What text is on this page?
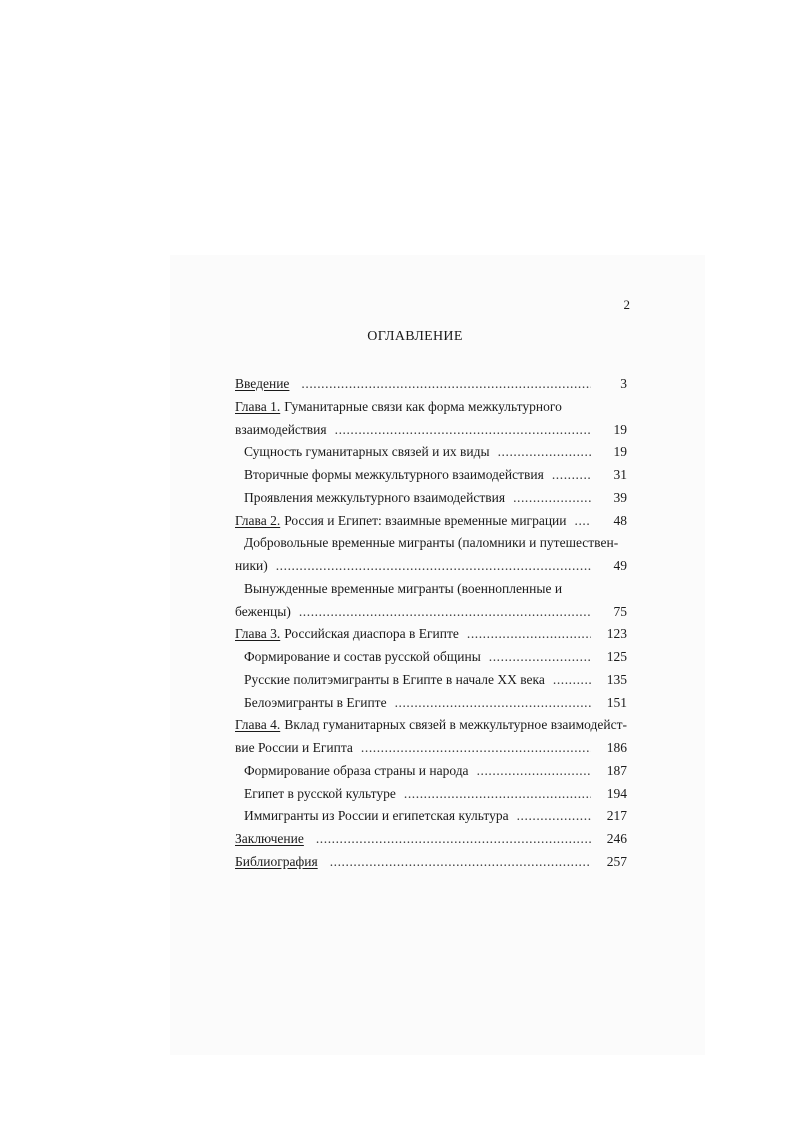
2
ОГЛАВЛЕНИЕ
Введение . . .	3
Глава 1. Гуманитарные связи как форма межкультурного
взаимодействия . . .	19
Сущность гуманитарных связей и их виды . . .	19
Вторичные формы межкультурного взаимодействия . . .	31
Проявления межкультурного взаимодействия . . .	39
Глава 2. Россия и Египет: взаимные временные миграции . . .	48
Добровольные временные мигранты (паломники и путешествен-
ники) . . .	49
Вынужденные временные мигранты (военнопленные и
беженцы) . . .	75
Глава 3. Российская диаспора в Египте . . .	123
Формирование и состав русской общины . . .	125
Русские политэмигранты в Египте в начале XX века . . .	135
Белоэмигранты в Египте . . .	151
Глава 4. Вклад гуманитарных связей в межкультурное взаимодейст-
вие России и Египта . . .	186
Формирование образа страны и народа . . .	187
Египет в русской культуре . . .	194
Иммигранты из России и египетская культура . . .	217
Заключение . . .	246
Библиография . . .	257
